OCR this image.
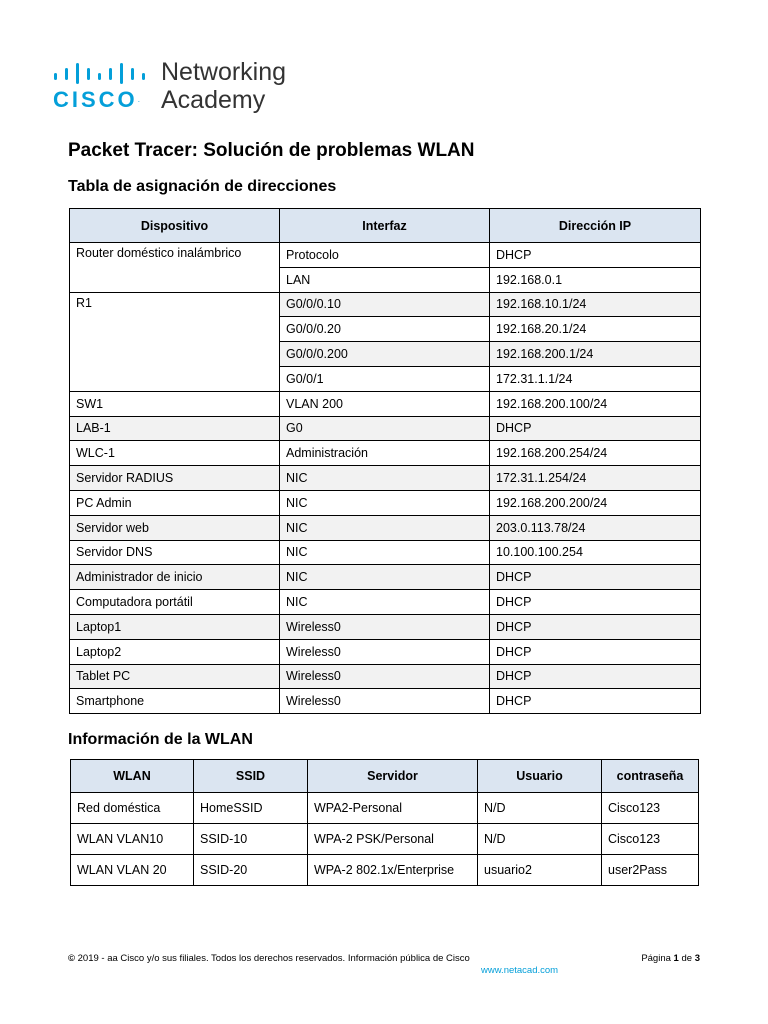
CISCO.
Networking
Academy
Packet Tracer: Solución de problemas WLAN
Tabla de asignación de direcciones
Dispositivo	Interfaz	Dirección IP
Router doméstico inalámbrico	Protocolo	DHCP
	LAN	192.168.0.1
R1	G0/0/0.10	192.168.10.1/24
	G0/0/0.20	192.168.20.1/24
	G0/0/0.200	192.168.200.1/24
	G0/0/1	172.31.1.1/24
SW1	VLAN 200	192.168.200.100/24
LAB-1	G0	DHCP
WLC-1	Administración	192.168.200.254/24
Servidor RADIUS	NIC	172.31.1.254/24
PC Admin	NIC	192.168.200.200/24
Servidor web	NIC	203.0.113.78/24
Servidor DNS	NIC	10.100.100.254
Administrador de inicio	NIC	DHCP
Computadora portátil	NIC	DHCP
Laptop1	Wireless0	DHCP
Laptop2	Wireless0	DHCP
Tablet PC	Wireless0	DHCP
Smartphone	Wireless0	DHCP
Información de la WLAN
WLAN	SSID	Servidor	Usuario	contraseña
Red doméstica	HomeSSID	WPA2-Personal	N/D	Cisco123
WLAN VLAN10	SSID-10	WPA-2 PSK/Personal	N/D	Cisco123
WLAN VLAN 20	SSID-20	WPA-2 802.1x/Enterprise	usuario2	user2Pass
© 2019 - aa Cisco y/o sus filiales. Todos los derechos reservados. Información pública de Cisco
www.netacad.com
Página 1 de 3
